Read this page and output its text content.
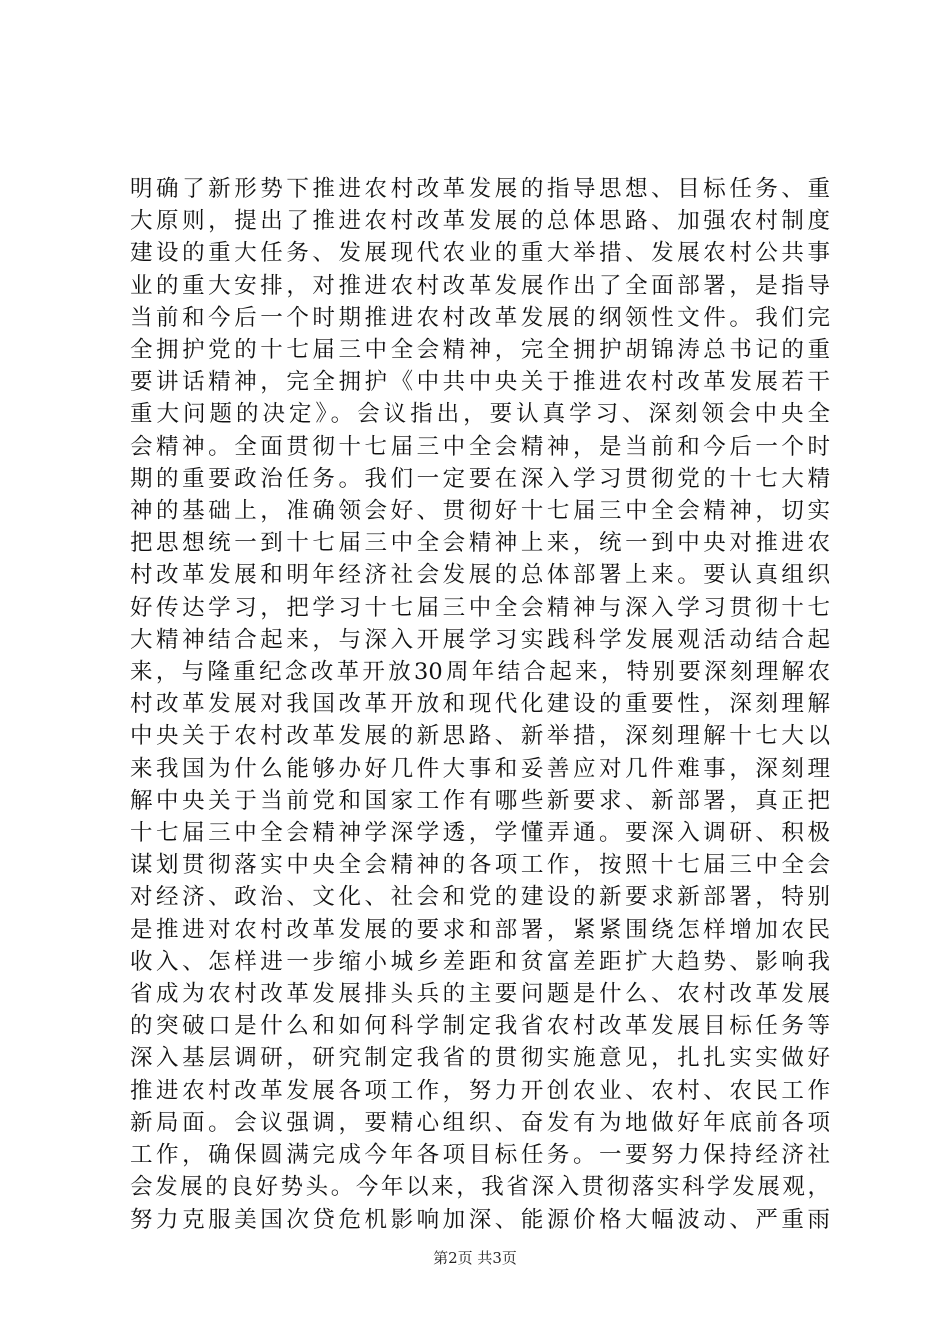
明确了新形势下推进农村改革发展的指导思想、目标任务、重
大原则，提出了推进农村改革发展的总体思路、加强农村制度
建设的重大任务、发展现代农业的重大举措、发展农村公共事
业的重大安排，对推进农村改革发展作出了全面部署，是指导
当前和今后一个时期推进农村改革发展的纲领性文件。我们完
全拥护党的十七届三中全会精神，完全拥护胡锦涛总书记的重
要讲话精神，完全拥护《中共中央关于推进农村改革发展若干
重大问题的决定》。会议指出，要认真学习、深刻领会中央全
会精神。全面贯彻十七届三中全会精神，是当前和今后一个时
期的重要政治任务。我们一定要在深入学习贯彻党的十七大精
神的基础上，准确领会好、贯彻好十七届三中全会精神，切实
把思想统一到十七届三中全会精神上来，统一到中央对推进农
村改革发展和明年经济社会发展的总体部署上来。要认真组织
好传达学习，把学习十七届三中全会精神与深入学习贯彻十七
大精神结合起来，与深入开展学习实践科学发展观活动结合起
来，与隆重纪念改革开放30周年结合起来，特别要深刻理解农
村改革发展对我国改革开放和现代化建设的重要性，深刻理解
中央关于农村改革发展的新思路、新举措，深刻理解十七大以
来我国为什么能够办好几件大事和妥善应对几件难事，深刻理
解中央关于当前党和国家工作有哪些新要求、新部署，真正把
十七届三中全会精神学深学透，学懂弄通。要深入调研、积极
谋划贯彻落实中央全会精神的各项工作，按照十七届三中全会
对经济、政治、文化、社会和党的建设的新要求新部署，特别
是推进对农村改革发展的要求和部署，紧紧围绕怎样增加农民
收入、怎样进一步缩小城乡差距和贫富差距扩大趋势、影响我
省成为农村改革发展排头兵的主要问题是什么、农村改革发展
的突破口是什么和如何科学制定我省农村改革发展目标任务等
深入基层调研，研究制定我省的贯彻实施意见，扎扎实实做好
推进农村改革发展各项工作，努力开创农业、农村、农民工作
新局面。会议强调，要精心组织、奋发有为地做好年底前各项
工作，确保圆满完成今年各项目标任务。一要努力保持经济社
会发展的良好势头。今年以来，我省深入贯彻落实科学发展观，
努力克服美国次贷危机影响加深、能源价格大幅波动、严重雨
第2页 共3页
